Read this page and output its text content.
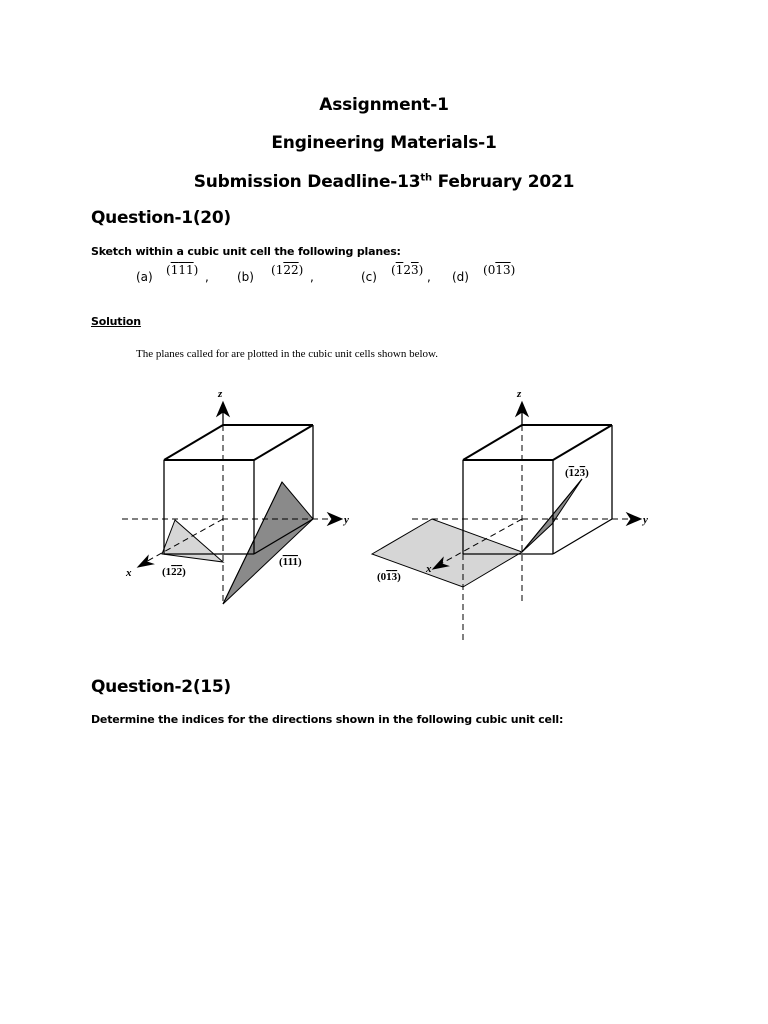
Assignment-1
Engineering Materials-1
Submission Deadline-13th February 2021
Question-1(20)
Sketch within a cubic unit cell the following planes:
(a) (111) , (b) (122) ,	(c) (123) , (d) (013)
Solution
The planes called for are plotted in the cubic unit cells shown below.
z
y
x	(122)
(111)
z
y
x
(123)
(013)
Question-2(15)
Determine the indices for the directions shown in the following cubic unit cell:
